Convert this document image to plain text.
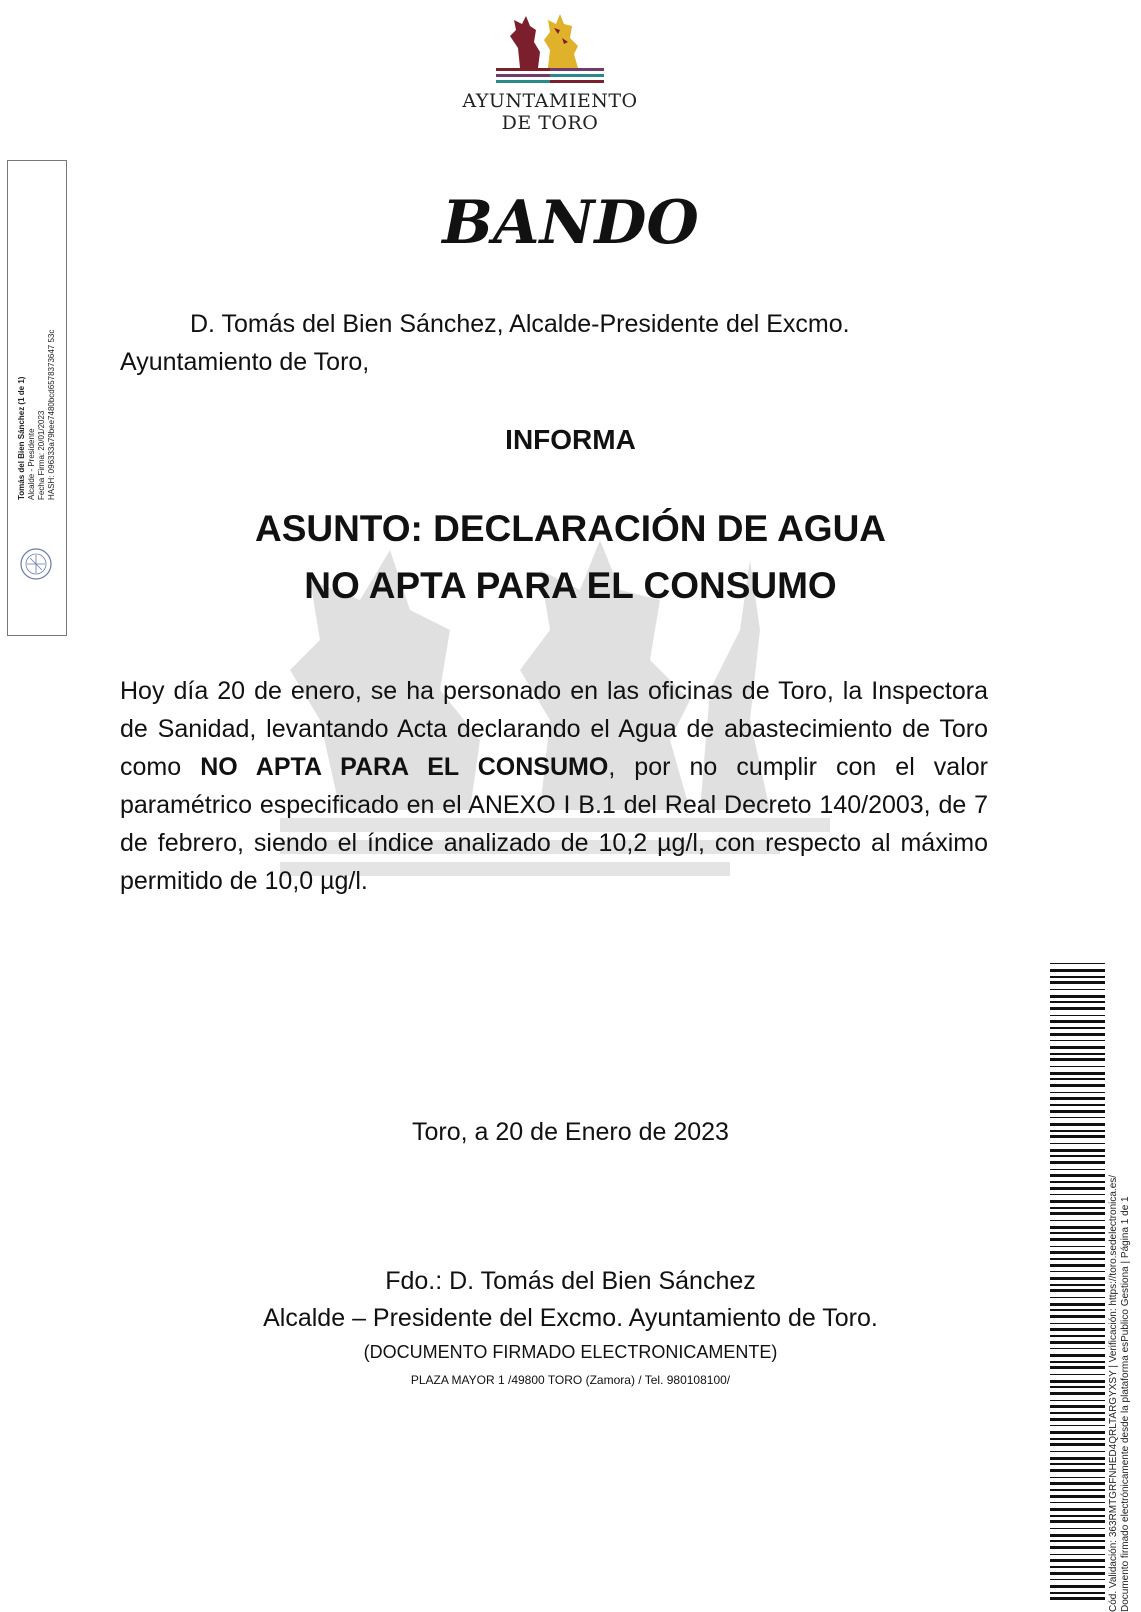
AYUNTAMIENTO
DE TORO
Tomás del Bien Sánchez (1 de 1) Alcalde - Presidente Fecha Firma: 20/01/2023 HASH: 096333a79bee7480bcd6578373647 53c
BANDO
D. Tomás del Bien Sánchez, Alcalde-Presidente del Excmo.
Ayuntamiento de Toro,
INFORMA
ASUNTO: DECLARACIÓN DE AGUA
NO APTA PARA EL CONSUMO
Hoy día 20 de enero, se ha personado en las oficinas de Toro, la Inspectora de Sanidad, levantando Acta declarando el Agua de abastecimiento de Toro como NO APTA PARA EL CONSUMO, por no cumplir con el valor paramétrico especificado en el ANEXO I B.1 del Real Decreto 140/2003, de 7 de febrero, siendo el índice analizado de 10,2 µg/l, con respecto al máximo permitido de 10,0 µg/l.
Toro, a 20 de Enero de 2023
Fdo.: D. Tomás del Bien Sánchez
Alcalde – Presidente del Excmo. Ayuntamiento de Toro.
(DOCUMENTO FIRMADO ELECTRONICAMENTE)
PLAZA MAYOR 1 /49800 TORO (Zamora) / Tel. 980108100/	Cód. Validación: 363RMTGRFNHED4QRLTARGYXSY | Verificación: https://toro.sedelectronica.es/ Documento firmado electrónicamente desde la plataforma esPublico Gestiona | Página 1 de 1
